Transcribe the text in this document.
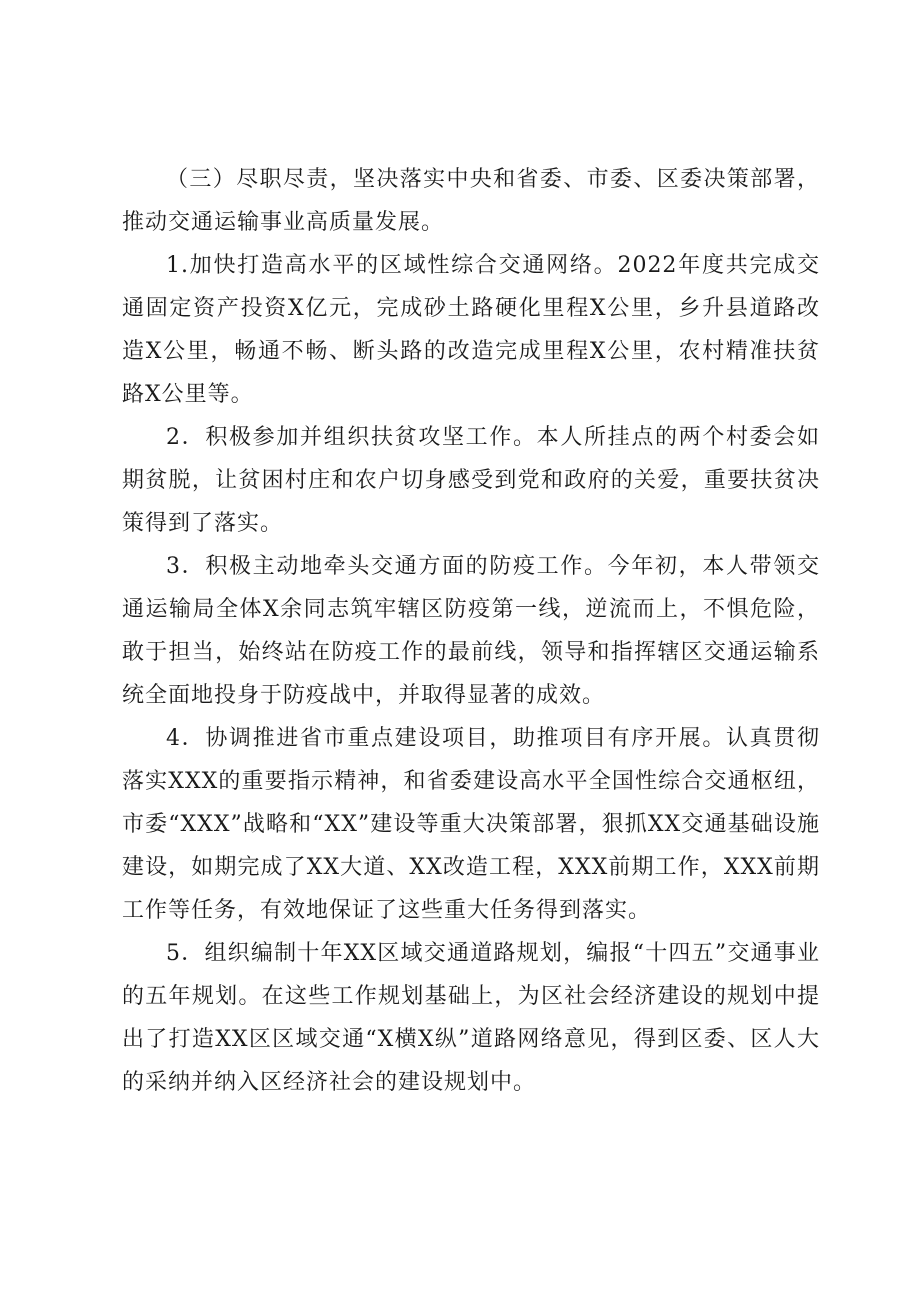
（三）尽职尽责，坚决落实中央和省委、市委、区委决策部署，推动交通运输事业高质量发展。

1.加快打造高水平的区域性综合交通网络。2022年度共完成交通固定资产投资X亿元，完成砂土路硬化里程X公里，乡升县道路改造X公里，畅通不畅、断头路的改造完成里程X公里，农村精准扶贫路X公里等。

2．积极参加并组织扶贫攻坚工作。本人所挂点的两个村委会如期贫脱，让贫困村庄和农户切身感受到党和政府的关爱，重要扶贫决策得到了落实。

3．积极主动地牵头交通方面的防疫工作。今年初，本人带领交通运输局全体X余同志筑牢辖区防疫第一线，逆流而上，不惧危险，敢于担当，始终站在防疫工作的最前线，领导和指挥辖区交通运输系统全面地投身于防疫战中，并取得显著的成效。

4．协调推进省市重点建设项目，助推项目有序开展。认真贯彻落实XXX的重要指示精神，和省委建设高水平全国性综合交通枢纽，市委“XXX”战略和“XX”建设等重大决策部署，狠抓XX交通基础设施建设，如期完成了XX大道、XX改造工程，XXX前期工作，XXX前期工作等任务，有效地保证了这些重大任务得到落实。

5．组织编制十年XX区域交通道路规划，编报“十四五”交通事业的五年规划。在这些工作规划基础上，为区社会经济建设的规划中提出了打造XX区区域交通“X横X纵”道路网络意见，得到区委、区人大的采纳并纳入区经济社会的建设规划中。
